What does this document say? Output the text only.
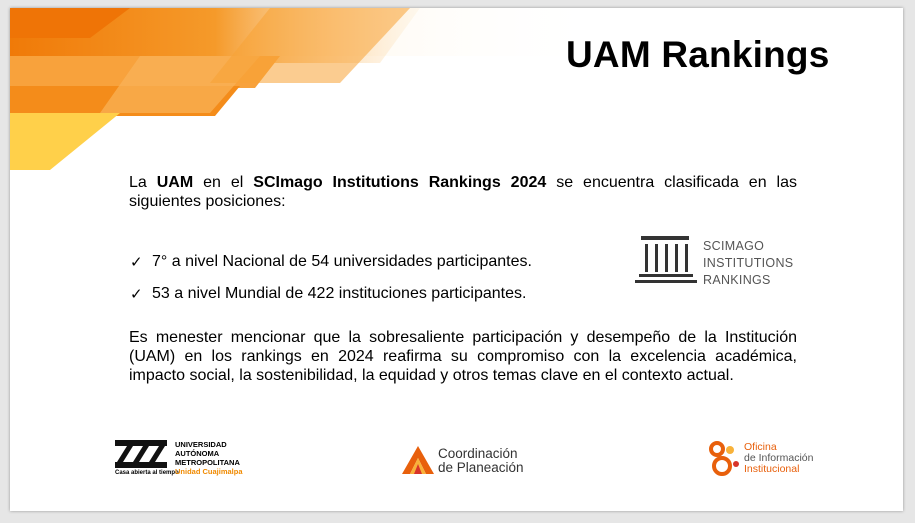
UAM Rankings
La UAM en el SCImago Institutions Rankings 2024 se encuentra clasificada en las siguientes posiciones:
✓ 7° a nivel Nacional de 54 universidades participantes.
✓ 53 a nivel Mundial de 422 instituciones participantes.
SCIMAGO
INSTITUTIONS
RANKINGS
Es menester mencionar que la sobresaliente participación y desempeño de la Institución (UAM) en los rankings en 2024 reafirma su compromiso con la excelencia académica, impacto social, la sostenibilidad, la equidad y otros temas clave en el contexto actual.
Casa abierta al tiempo
UNIVERSIDAD
AUTÓNOMA
METROPOLITANA
Unidad Cuajimalpa
Coordinación
de Planeación
Oficina
de Información
Institucional
